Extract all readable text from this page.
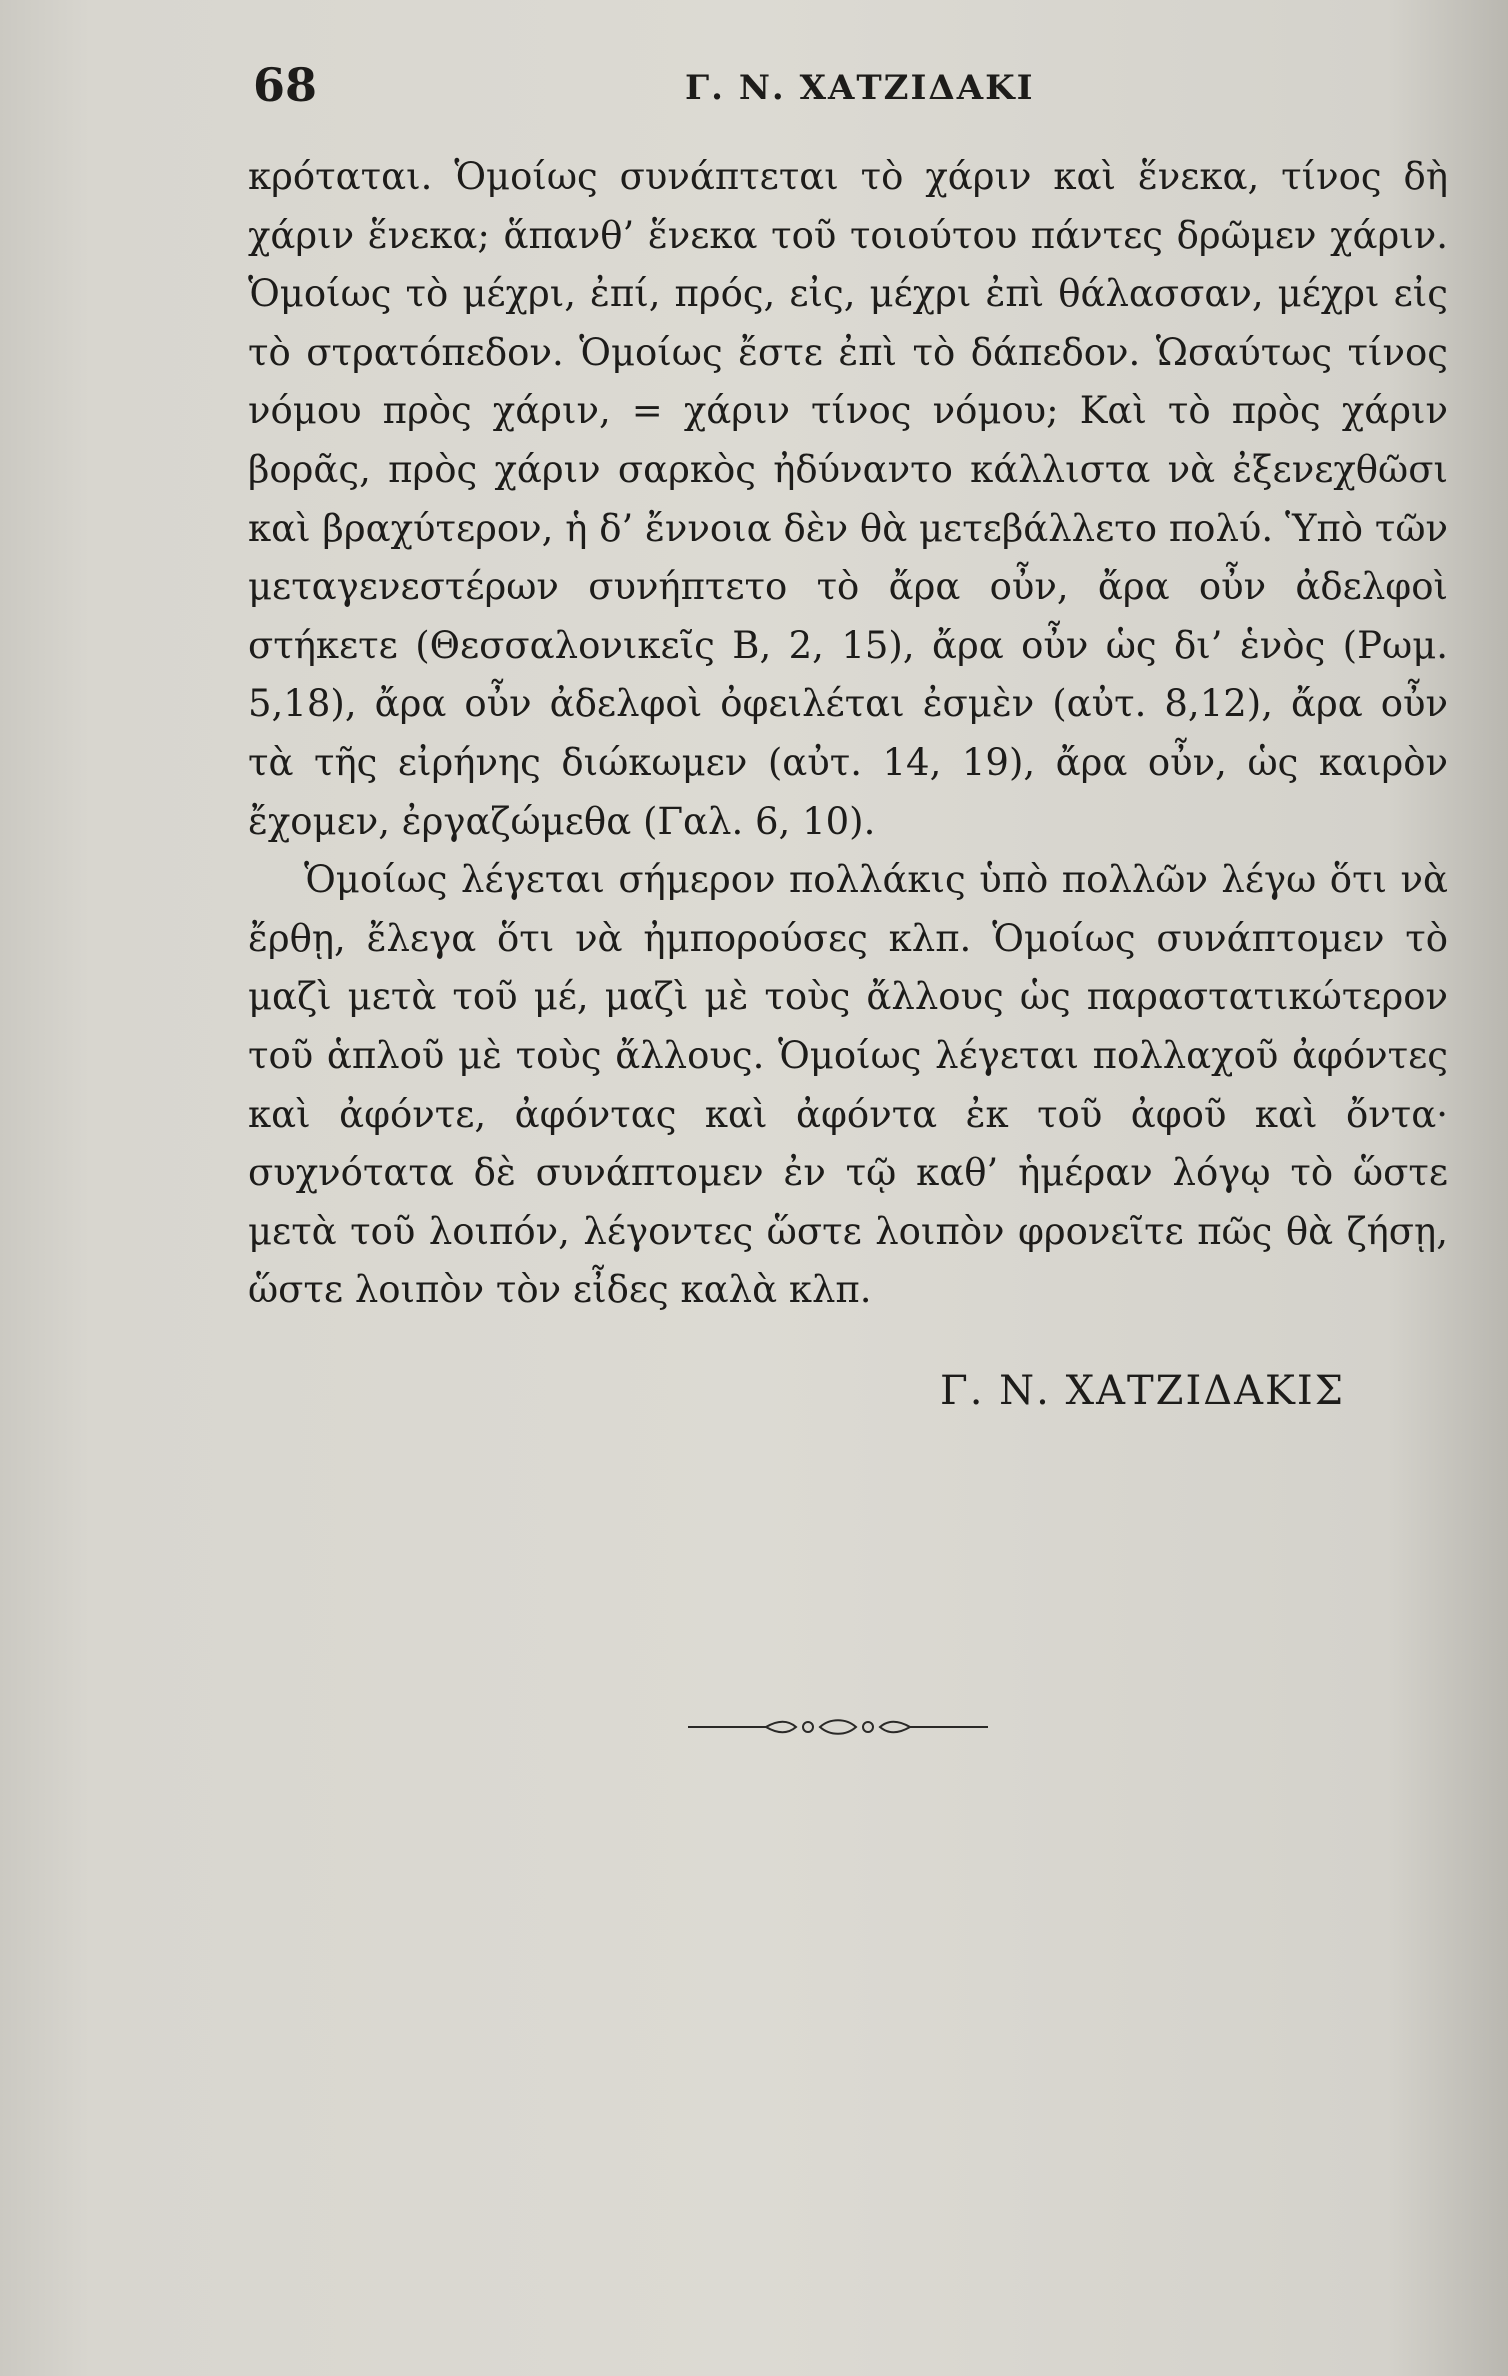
68	Γ. Ν. ΧΑΤΖΙΔΑΚΙ

κρόταται. Ὁμοίως συνάπτεται τὸ χάριν καὶ ἕνεκα, τίνος δὴ χάριν ἕνεκα; ἅπανθ’ ἕνεκα τοῦ τοιούτου πάντες δρῶμεν χάριν. Ὁμοίως τὸ μέχρι, ἐπί, πρός, εἰς, μέχρι ἐπὶ θάλασσαν, μέχρι εἰς τὸ στρατόπεδον. Ὁμοίως ἔστε ἐπὶ τὸ δάπεδον. Ὡσαύτως τίνος νόμου πρὸς χάριν, = χάριν τίνος νόμου; Καὶ τὸ πρὸς χάριν βορᾶς, πρὸς χάριν σαρκὸς ἠδύναντο κάλλιστα νὰ ἐξενεχθῶσι καὶ βραχύτερον, ἡ δ’ ἔννοια δὲν θὰ μετεβάλλετο πολύ. Ὑπὸ τῶν μεταγενεστέρων συνήπτετο τὸ ἄρα οὖν, ἄρα οὖν ἀδελφοὶ στήκετε (Θεσσαλονικεῖς Β, 2, 15), ἄρα οὖν ὡς δι’ ἑνὸς (Ρωμ. 5,18), ἄρα οὖν ἀδελφοὶ ὀφειλέται ἐσμὲν (αὐτ. 8,12), ἄρα οὖν τὰ τῆς εἰρήνης διώκωμεν (αὐτ. 14, 19), ἄρα οὖν, ὡς καιρὸν ἔχομεν, ἐργαζώμεθα (Γαλ. 6, 10).

Ὁμοίως λέγεται σήμερον πολλάκις ὑπὸ πολλῶν λέγω ὅτι νὰ ἔρθῃ, ἔλεγα ὅτι νὰ ἠμπορούσες κλπ. Ὁμοίως συνάπτομεν τὸ μαζὶ μετὰ τοῦ μέ, μαζὶ μὲ τοὺς ἄλλους ὡς παραστατικώτερον τοῦ ἁπλοῦ μὲ τοὺς ἄλλους. Ὁμοίως λέγεται πολλαχοῦ ἀφόντες καὶ ἀφόντε, ἀφόντας καὶ ἀφόντα ἐκ τοῦ ἀφοῦ καὶ ὄντα· συχνότατα δὲ συνάπτομεν ἐν τῷ καθ’ ἡμέραν λόγῳ τὸ ὥστε μετὰ τοῦ λοιπόν, λέγοντες ὥστε λοιπὸν φρονεῖτε πῶς θὰ ζήσῃ, ὥστε λοιπὸν τὸν εἶδες καλὰ κλπ.

Γ. Ν. ΧΑΤΖΙΔΑΚΙΣ
